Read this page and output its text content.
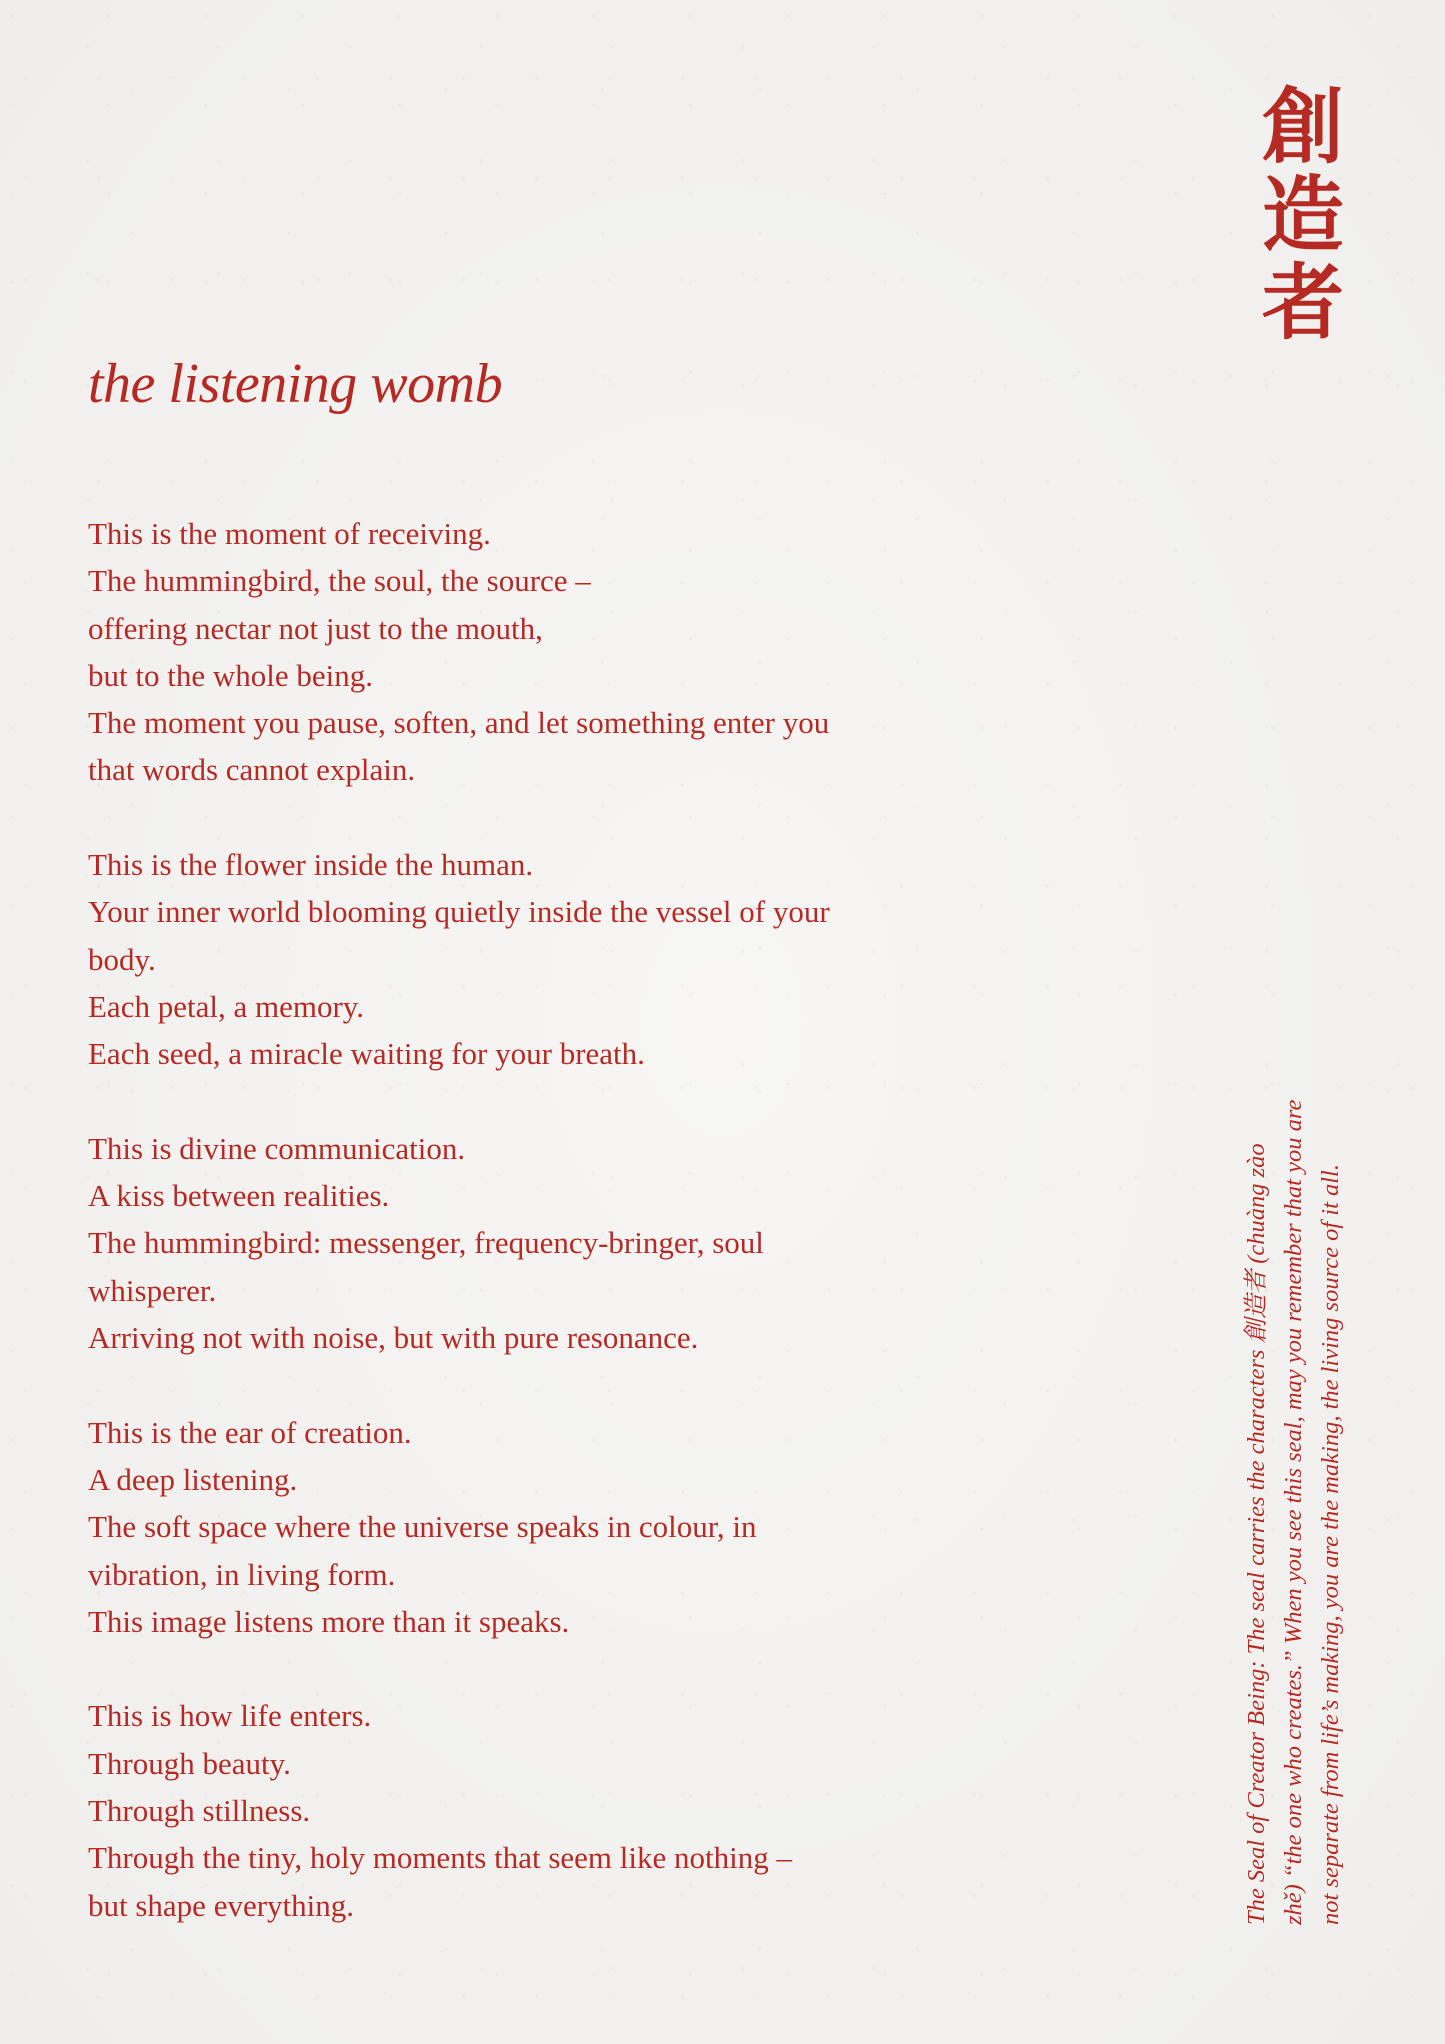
創
造
者
the listening womb

This is the moment of receiving.
The hummingbird, the soul, the source –
offering nectar not just to the mouth,
but to the whole being.
The moment you pause, soften, and let something enter you
that words cannot explain.

This is the flower inside the human.
Your inner world blooming quietly inside the vessel of your
body.
Each petal, a memory.
Each seed, a miracle waiting for your breath.

This is divine communication.
A kiss between realities.
The hummingbird: messenger, frequency-bringer, soul
whisperer.
Arriving not with noise, but with pure resonance.

This is the ear of creation.
A deep listening.
The soft space where the universe speaks in colour, in
vibration, in living form.
This image listens more than it speaks.

This is how life enters.
Through beauty.
Through stillness.
Through the tiny, holy moments that seem like nothing –
but shape everything.	The Seal of Creator Being: The seal carries the characters 創造者 (chuàng zào zhě) “the one who creates.” When you see this seal, may you remember that you are not separate from life’s making, you are the making, the living source of it all.
